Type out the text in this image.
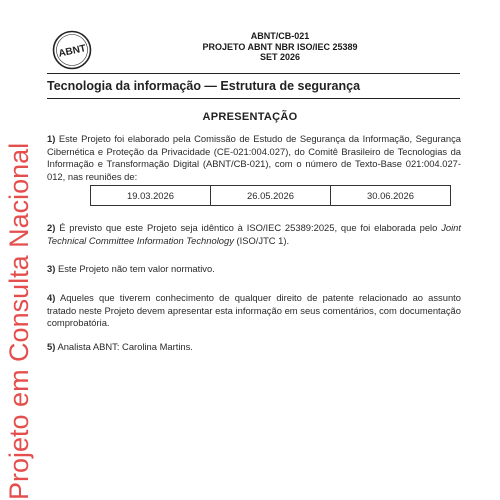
ABNT
ABNT/CB-021
PROJETO ABNT NBR ISO/IEC 25389
SET 2026
Tecnologia da informação — Estrutura de segurança
APRESENTAÇÃO
1) Este Projeto foi elaborado pela Comissão de Estudo de Segurança da Informação, Segurança Cibernética e Proteção da Privacidade (CE-021:004.027), do Comitê Brasileiro de Tecnologias da Informação e Transformação Digital (ABNT/CB-021), com o número de Texto-Base 021:004.027-012, nas reuniões de:
19.03.2026	26.05.2026	30.06.2026
2) É previsto que este Projeto seja idêntico à ISO/IEC 25389:2025, que foi elaborada pelo Joint Technical Committee Information Technology (ISO/JTC 1).
3) Este Projeto não tem valor normativo.
4) Aqueles que tiverem conhecimento de qualquer direito de patente relacionado ao assunto tratado neste Projeto devem apresentar esta informação em seus comentários, com documentação comprobatória.
5) Analista ABNT: Carolina Martins.
Projeto em Consulta Nacional
